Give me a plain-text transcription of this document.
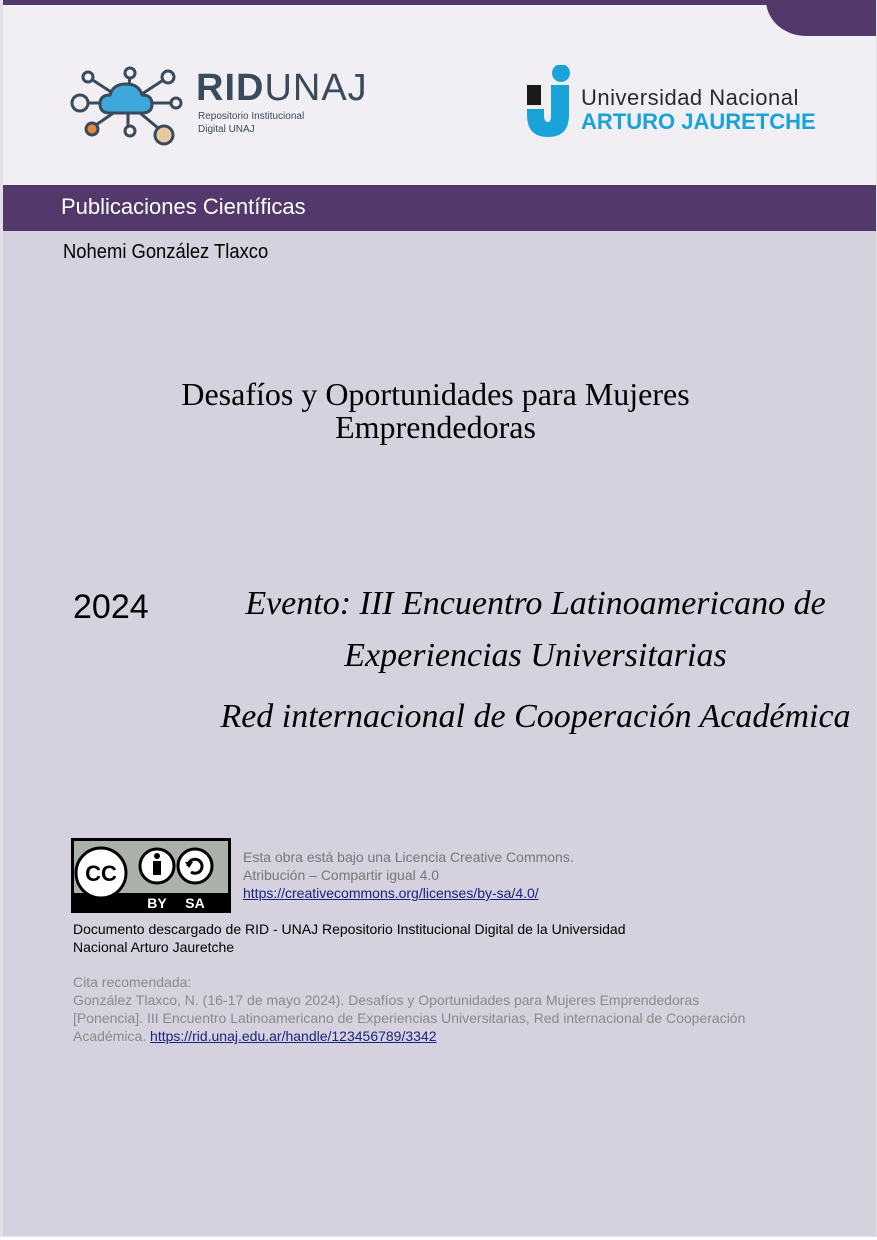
RIDUNAJ
Repositorio Institucional
Digital UNAJ
Universidad Nacional
ARTURO JAURETCHE
Publicaciones Científicas
Nohemi González Tlaxco
Desafíos y Oportunidades para Mujeres
Emprendedoras
2024	Evento: III Encuentro Latinoamericano de
Experiencias Universitarias
Red internacional de Cooperación Académica
CC
BY SA
Esta obra está bajo una Licencia Creative Commons.
Atribución – Compartir igual 4.0
https://creativecommons.org/licenses/by-sa/4.0/
Documento descargado de RID - UNAJ Repositorio Institucional Digital de la Universidad
Nacional Arturo Jauretche
Cita recomendada:
González Tlaxco, N. (16-17 de mayo 2024). Desafíos y Oportunidades para Mujeres Emprendedoras
[Ponencia]. III Encuentro Latinoamericano de Experiencias Universitarias, Red internacional de Cooperación
Académica. https://rid.unaj.edu.ar/handle/123456789/3342
